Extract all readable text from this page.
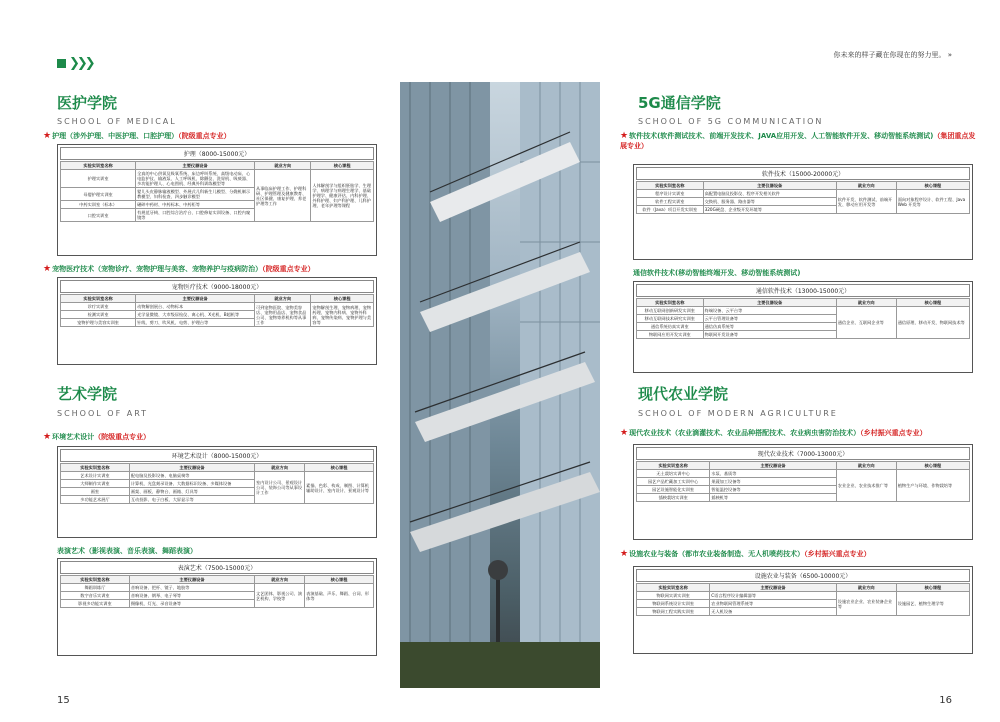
❯❯❯
你未来的样子藏在你现在的努力里。 »
医护学院
SCHOOL OF MEDICAL
★护理（涉外护理、中医护理、口腔护理）（院级重点专业）
护理（8000-15000元）
实验实训室名称	主要仪器设备	就业方向	核心课程
护理实训室	全真的中心供氧及吸氧系统、床边呼叫系统、高级电动床、心电监护仪、输液泵、人工呼吸机、除颤仪、洗胃机、吸痰器、多功能护理人、心电图机、经典外科训练模型等	从事临床护理工作、护理科研、护理管理及健康教育、社区保健、康复护理、养老护理等工作	人体解剖学与组织胚胎学、生理学、病理学与病理生理学、基础护理学、健康评估、内科护理、外科护理、妇产科护理、儿科护理、老年护理等课程
母婴护理实训室	婴儿头皮静脉输液模型、外展式儿科新生儿模型、分娩机制示教模型、妇科检查、四步触诊模型		
中药实训室（标本）	碾碎中药材、中药标本、中药柜等		
口腔实训室	有规范牙椅、口腔综合治疗台、口腔修复实训设备、口腔内窥镜等		
★宠物医疗技术（宠物诊疗、宠物护理与美容、宠物养护与疫病防治）（院级重点专业）
宠物医疗技术（9000-18000元）
实验实训室名称	主要仪器设备	就业方向	核心课程
诊疗实训室	动物解剖展台、动物标本	可到宠物医院、宠物美容店、宠物用品店、宠物食品公司、宠物寄养机构等从事工作	宠物解剖生理、宠物病理、宠物药理、宠物内科病、宠物外科病、宠物传染病、宠物护理与美容等
检测实训室	光学显微镜、大市级尿检仪、离心机、X光机、B超机等		
宠物护理与美容实训室	针线、剪刀、吹风机、电剪、护理台等		
艺术学院
SCHOOL OF ART
★环境艺术设计（院级重点专业）
环境艺术设计（8000-15000元）
实验实训室名称	主要仪器设备	就业方向	核心课程
艺术设计实训室	配电脑及投影设备、电脑桌椅等	室内设计公司、景观设计公司、装饰公司等从事设计工作	素描、色彩、构成、制图、计算机辅助设计、室内设计、景观设计等
大师制作实训室	计算机、光盘刻录设备、大数据标识设备、多媒体设备		
画室	画架、画板、静物台、画箱、灯具等		
多功能艺术展厅	互动投影、电子白板、大屏显示等		
表演艺术（影视表演、音乐表演、舞蹈表演）
表演艺术（7500-15000元）
实验实训室名称	主要仪器设备	就业方向	核心课程
舞蹈训练厅	音响设备、把杆、镜子、地胶等	文艺团体、影视公司、演艺机构、学校等	表演基础、声乐、舞蹈、台词、形体等
数字音乐实训室	音响设备、钢琴、电子琴等		
影视多功能实训室	摄像机、灯光、录音设备等		
15
5G通信学院
SCHOOL OF 5G COMMUNICATION
★软件技术(软件测试技术、前端开发技术、JAVA应用开发、人工智能软件开发、移动智能系统测试)（集团重点发展专业）
软件技术（15000-20000元）
实验实训室名称	主要仪器设备	就业方向	核心课程
程序设计实训室	高配置电脑及投影仪、程序开发相关软件	软件开发、软件测试、前端开发、移动应用开发等	面向对象程序设计、软件工程、Java Web 开发等
软件工程实训室	交换机、服务器、路由器等		
软件（Java）项目开发实训室	320G硬盘、企业级开发环境等		
通信软件技术(移动智能终端开发、移动智能系统测试)
通信软件技术（13000-15000元）
实验实训室名称	主要仪器设备	就业方向	核心课程
移动互联网创新研发实训室	终端设备、云平台等	通信企业、互联网企业等	通信原理、移动开发、物联网技术等
移动互联网技术研究实训室	云平台管理设备等		
通信系统仿真实训室	通信仿真系统等		
物联网应用开发实训室	物联网开发设备等		
现代农业学院
SCHOOL OF MODERN AGRICULTURE
★现代农业技术（农业滴灌技术、农业品种搭配技术、农业病虫害防治技术）（乡村振兴重点专业）
现代农业技术（7000-13000元）
实验实训室名称	主要仪器设备	就业方向	核心课程
无土栽培实训中心	水泵、基质等	农业企业、农业技术推广等	植物生产与环境、作物栽培等
园艺产品贮藏加工实训中心	果蔬加工设备等		
园艺设施智能化实训室	智能温控设备等		
插秧栽培实训室	插秧机等		
★设施农业与装备（都市农业装备制造、无人机喷药技术）（乡村振兴重点专业）
设施农业与装备（6500-10000元）
实验实训室名称	主要仪器设备	就业方向	核心课程
物联网实训实训室	C语言程序设计编辑器等	设施农业企业、农业装备企业等	设施园艺、植物生理学等
物联网系统设计实训室	农业物联网管理系统等		
物联网工程实践实训室	无人机设备		
16
